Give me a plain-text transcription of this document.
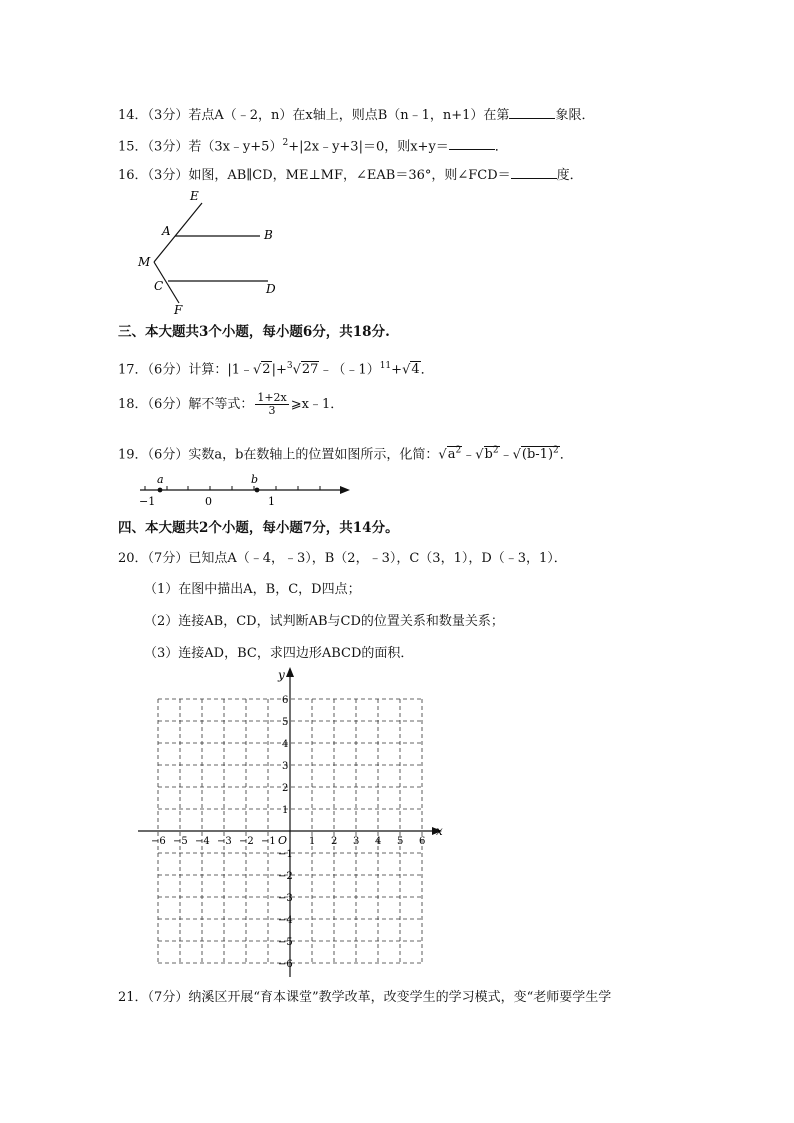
14．（3分）若点A（﹣2，n）在x轴上，则点B（n﹣1，n+1）在第	象限．
15．（3分）若（3x﹣y+5）$^2$+|2x﹣y+3|＝0，则x+y＝	．
16．（3分）如图，AB∥CD，ME⊥MF，∠EAB＝36°，则∠FCD＝	度．
E
A	B
M
C	D
F
三、本大题共3个小题，每小题6分，共18分.
17．（6分）计算：|1﹣√2|+$^3$√27﹣（﹣1）$^{11}$+√4．
18．（6分）解不等式： $\frac{1+2x}{3}$ ⩾x﹣1．
19．（6分）实数a，b在数轴上的位置如图所示，化简：$√a^2﹣√b^2﹣√(b-1)^2$．
a	b
−1	0	1
四、本大题共2个小题，每小题7分，共14分。
20．（7分）已知点A（﹣4，﹣3），B（2，﹣3），C（3，1），D（﹣3，1）．
（1）在图中描出A，B，C，D四点；
（2）连接AB，CD，试判断AB与CD的位置关系和数量关系；
（3）连接AD，BC，求四边形ABCD的面积．
x
y
O
−6 −5 −4 −3 −2 −1	1 2 3 4 5 6
6
5
4
3
2
1
−1
−2
−3
−4
−5
−6
21．（7分）纳溪区开展“育本课堂”教学改革，改变学生的学习模式，变“老师要学生学
